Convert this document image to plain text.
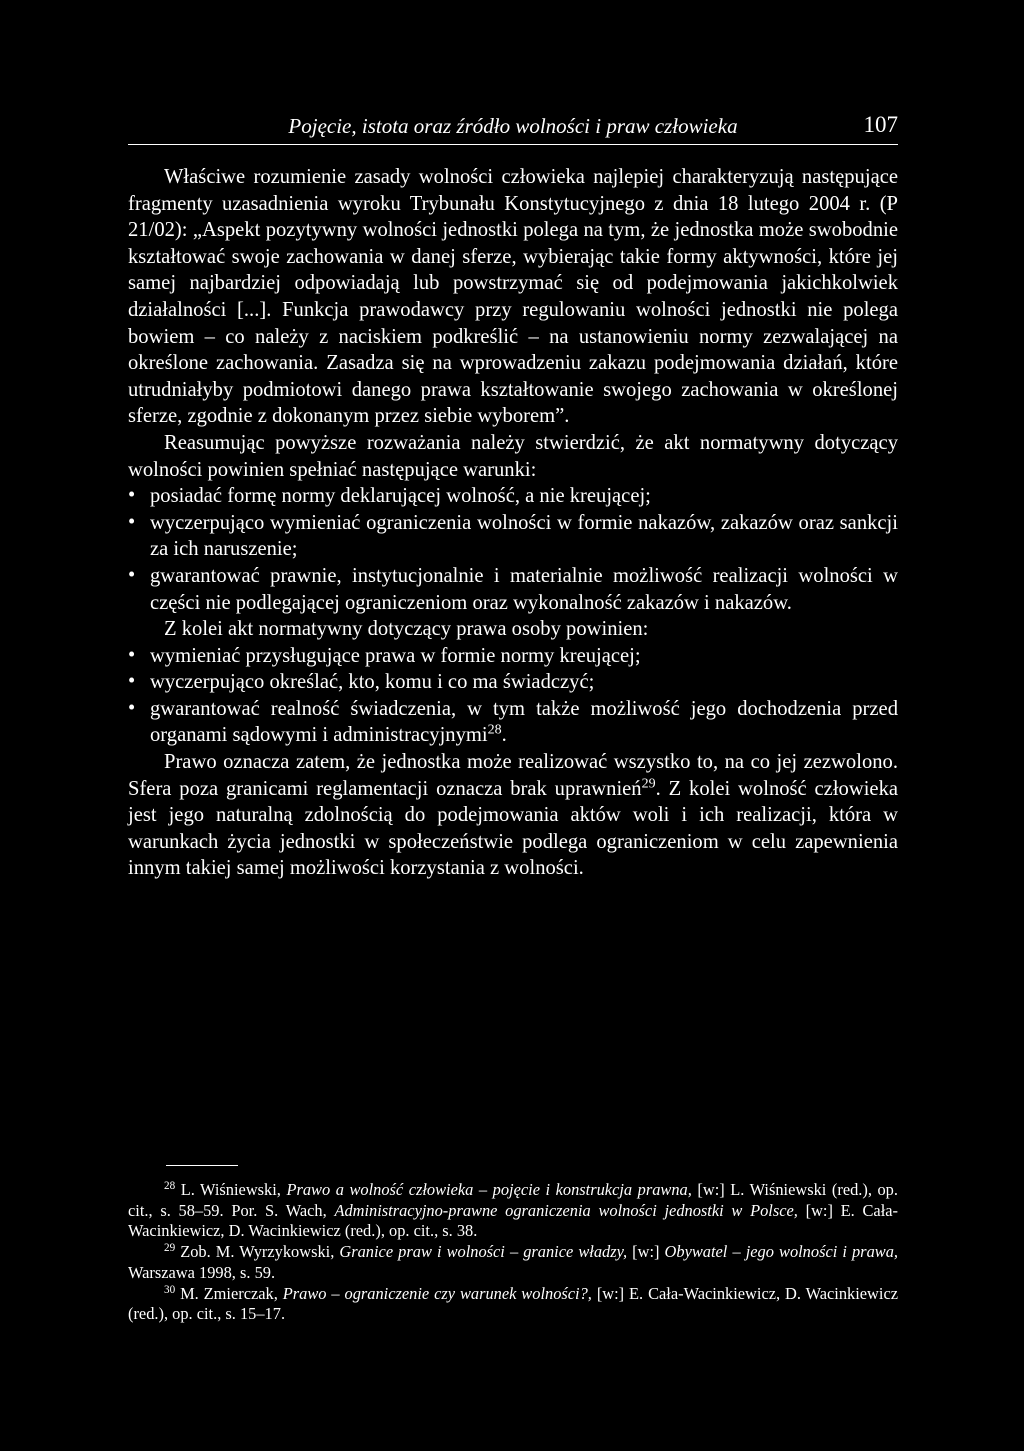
Pojęcie, istota oraz źródło wolności i praw człowieka	107

Właściwe rozumienie zasady wolności człowieka najlepiej charakteryzują następujące fragmenty uzasadnienia wyroku Trybunału Konstytucyjnego z dnia 18 lutego 2004 r. (P 21/02): „Aspekt pozytywny wolności jednostki polega na tym, że jednostka może swobodnie kształtować swoje zachowania w danej sferze, wybierając takie formy aktywności, które jej samej najbardziej odpowiadają lub powstrzymać się od podejmowania jakichkolwiek działalności [...]. Funkcja prawodawcy przy regulowaniu wolności jednostki nie polega bowiem – co należy z naciskiem podkreślić – na ustanowieniu normy zezwalającej na określone zachowania. Zasadza się na wprowadzeniu zakazu podejmowania działań, które utrudniałyby podmiotowi danego prawa kształtowanie swojego zachowania w określonej sferze, zgodnie z dokonanym przez siebie wyborem”.

Reasumując powyższe rozważania należy stwierdzić, że akt normatywny dotyczący wolności powinien spełniać następujące warunki:

• posiadać formę normy deklarującej wolność, a nie kreującej;
• wyczerpująco wymieniać ograniczenia wolności w formie nakazów, zakazów oraz sankcji za ich naruszenie;
• gwarantować prawnie, instytucjonalnie i materialnie możliwość realizacji wolności w części nie podlegającej ograniczeniom oraz wykonalność zakazów i nakazów.

Z kolei akt normatywny dotyczący prawa osoby powinien:

• wymieniać przysługujące prawa w formie normy kreującej;
• wyczerpująco określać, kto, komu i co ma świadczyć;
• gwarantować realność świadczenia, w tym także możliwość jego dochodzenia przed organami sądowymi i administracyjnymi$^{28}$.

Prawo oznacza zatem, że jednostka może realizować wszystko to, na co jej zezwolono. Sfera poza granicami reglamentacji oznacza brak uprawnień$^{29}$. Z kolei wolność człowieka jest jego naturalną zdolnością do podejmowania aktów woli i ich realizacji, która w warunkach życia jednostki w społeczeństwie podlega ograniczeniom w celu zapewnienia innym takiej samej możliwości korzystania z wolności.

$^{28}$ L. Wiśniewski, Prawo a wolność człowieka – pojęcie i konstrukcja prawna, [w:] L. Wiśniewski (red.), op. cit., s. 58–59. Por. S. Wach, Administracyjno-prawne ograniczenia wolności jednostki w Polsce, [w:] E. Cała-Wacinkiewicz, D. Wacinkiewicz (red.), op. cit., s. 38.

$^{29}$ Zob. M. Wyrzykowski, Granice praw i wolności – granice władzy, [w:] Obywatel – jego wolności i prawa, Warszawa 1998, s. 59.

$^{30}$ M. Zmierczak, Prawo – ograniczenie czy warunek wolności?, [w:] E. Cała-Wacinkiewicz, D. Wacinkiewicz (red.), op. cit., s. 15–17.
